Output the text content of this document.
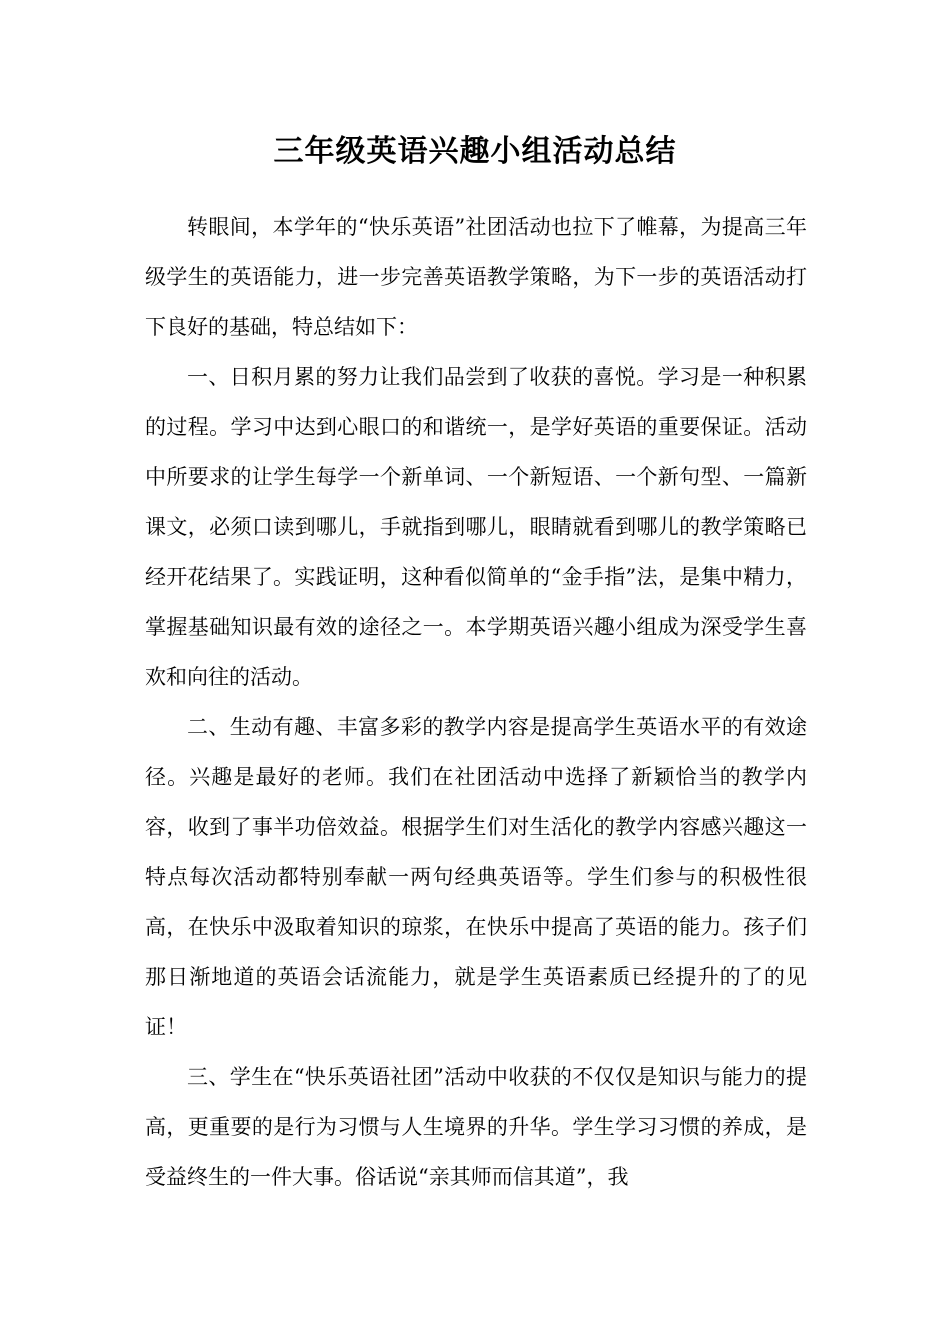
三年级英语兴趣小组活动总结

转眼间，本学年的“快乐英语”社团活动也拉下了帷幕，为提高三年级学生的英语能力，进一步完善英语教学策略，为下一步的英语活动打下良好的基础，特总结如下：

一、日积月累的努力让我们品尝到了收获的喜悦。学习是一种积累的过程。学习中达到心眼口的和谐统一，是学好英语的重要保证。活动中所要求的让学生每学一个新单词、一个新短语、一个新句型、一篇新课文，必须口读到哪儿，手就指到哪儿，眼睛就看到哪儿的教学策略已经开花结果了。实践证明，这种看似简单的“金手指”法，是集中精力，掌握基础知识最有效的途径之一。本学期英语兴趣小组成为深受学生喜欢和向往的活动。

二、生动有趣、丰富多彩的教学内容是提高学生英语水平的有效途径。兴趣是最好的老师。我们在社团活动中选择了新颖恰当的教学内容，收到了事半功倍效益。根据学生们对生活化的教学内容感兴趣这一特点每次活动都特别奉献一两句经典英语等。学生们参与的积极性很高，在快乐中汲取着知识的琼浆，在快乐中提高了英语的能力。孩子们那日渐地道的英语会话流能力，就是学生英语素质已经提升的了的见证！

三、学生在“快乐英语社团”活动中收获的不仅仅是知识与能力的提高，更重要的是行为习惯与人生境界的升华。学生学习习惯的养成，是受益终生的一件大事。俗话说“亲其师而信其道”，我
